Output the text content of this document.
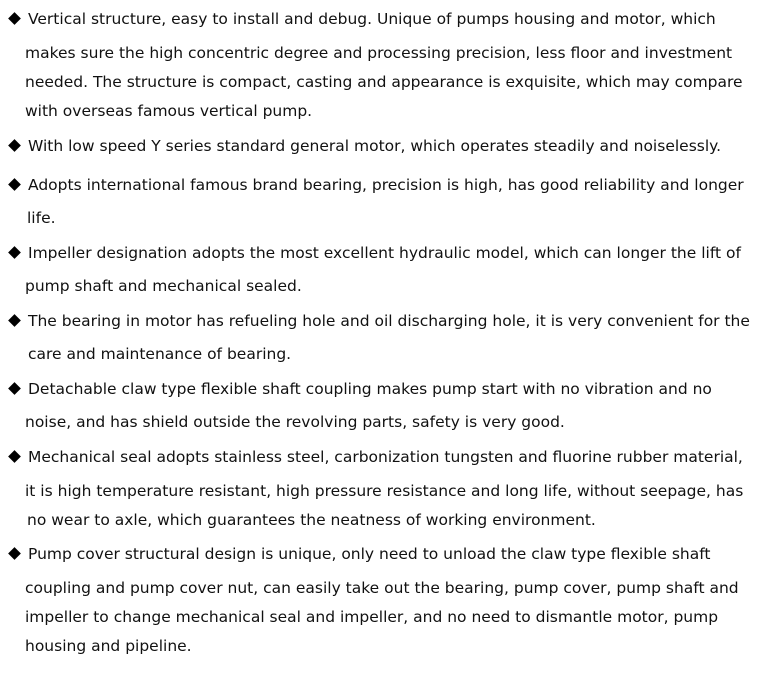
Vertical structure, easy to install and debug. Unique of pumps housing and motor, which
makes sure the high concentric degree and processing precision, less floor and investment
needed. The structure is compact, casting and appearance is exquisite, which may compare
with overseas famous vertical pump.
With low speed Y series standard general motor, which operates steadily and noiselessly.
Adopts international famous brand bearing, precision is high, has good reliability and longer
life.
Impeller designation adopts the most excellent hydraulic model, which can longer the lift of
pump shaft and mechanical sealed.
The bearing in motor has refueling hole and oil discharging hole, it is very convenient for the
care and maintenance of bearing.
Detachable claw type flexible shaft coupling makes pump start with no vibration and no
noise, and has shield outside the revolving parts, safety is very good.
Mechanical seal adopts stainless steel, carbonization tungsten and fluorine rubber material,
it is high temperature resistant, high pressure resistance and long life, without seepage, has
no wear to axle, which guarantees the neatness of working environment.
Pump cover structural design is unique, only need to unload the claw type flexible shaft
coupling and pump cover nut, can easily take out the bearing, pump cover, pump shaft and
impeller to change mechanical seal and impeller, and no need to dismantle motor, pump
housing and pipeline.
